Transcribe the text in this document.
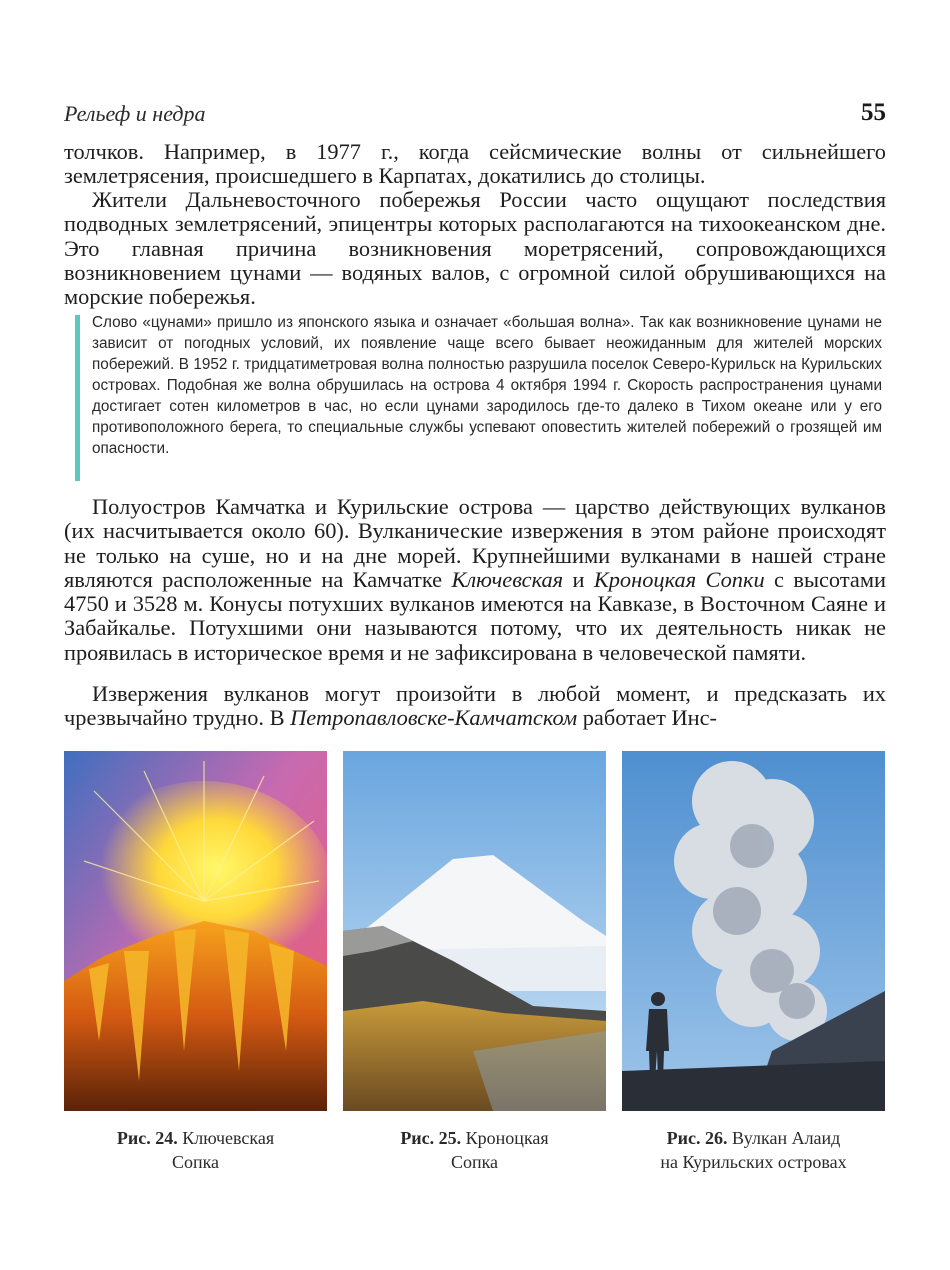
Рельеф и недра	55

толчков. Например, в 1977 г., когда сейсмические волны от сильнейшего землетрясения, происшедшего в Карпатах, докатились до столицы.

Жители Дальневосточного побережья России часто ощущают последствия подводных землетрясений, эпицентры которых располагаются на тихоокеанском дне. Это главная причина возникновения моретрясений, сопровождающихся возникновением цунами — водяных валов, с огромной силой обрушивающихся на морские побережья.

Слово «цунами» пришло из японского языка и означает «большая волна». Так как возникновение цунами не зависит от погодных условий, их появление чаще всего бывает неожиданным для жителей морских побережий. В 1952 г. тридцатиметровая волна полностью разрушила поселок Северо-Курильск на Курильских островах. Подобная же волна обрушилась на острова 4 октября 1994 г. Скорость распространения цунами достигает сотен километров в час, но если цунами зародилось где-то далеко в Тихом океане или у его противоположного берега, то специальные службы успевают оповестить жителей побережий о грозящей им опасности.

Полуостров Камчатка и Курильские острова — царство действующих вулканов (их насчитывается около 60). Вулканические извержения в этом районе происходят не только на суше, но и на дне морей. Крупнейшими вулканами в нашей стране являются расположенные на Камчатке Ключевская и Кроноцкая Сопки с высотами 4750 и 3528 м. Конусы потухших вулканов имеются на Кавказе, в Восточном Саяне и Забайкалье. Потухшими они называются потому, что их деятельность никак не проявилась в историческое время и не зафиксирована в человеческой памяти.

Извержения вулканов могут произойти в любой момент, и предсказать их чрезвычайно трудно. В Петропавловске-Камчатском работает Инс-

Рис. 24. Ключевская
Сопка
Рис. 25. Кроноцкая
Сопка
Рис. 26. Вулкан Алаид
на Курильских островах
